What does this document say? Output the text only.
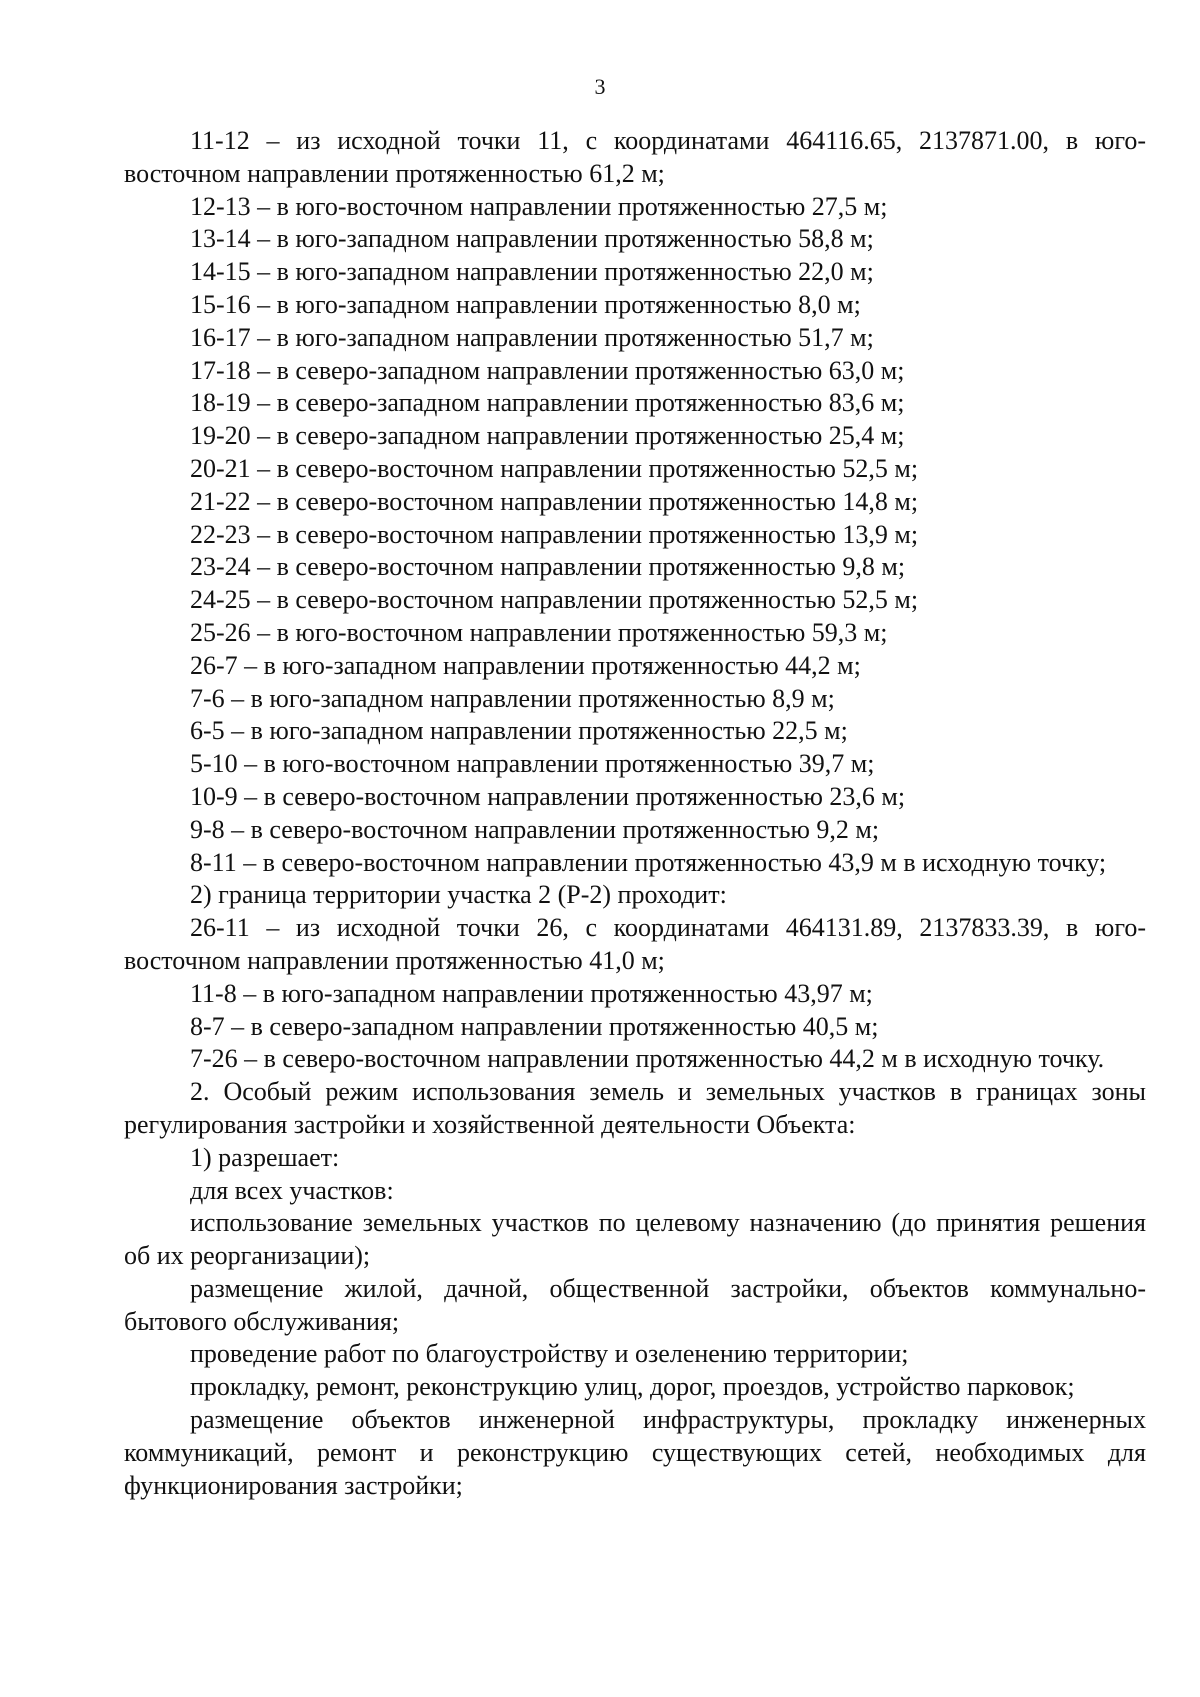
3

11-12 – из исходной точки 11, с координатами 464116.65, 2137871.00, в юго-восточном направлении протяженностью 61,2 м;

12-13 – в юго-восточном направлении протяженностью 27,5 м;

13-14 – в юго-западном направлении протяженностью 58,8 м;

14-15 – в юго-западном направлении протяженностью 22,0 м;

15-16 – в юго-западном направлении протяженностью 8,0 м;

16-17 – в юго-западном направлении протяженностью 51,7 м;

17-18 – в северо-западном направлении протяженностью 63,0 м;

18-19 – в северо-западном направлении протяженностью 83,6 м;

19-20 – в северо-западном направлении протяженностью 25,4 м;

20-21 – в северо-восточном направлении протяженностью 52,5 м;

21-22 – в северо-восточном направлении протяженностью 14,8 м;

22-23 – в северо-восточном направлении протяженностью 13,9 м;

23-24 – в северо-восточном направлении протяженностью 9,8 м;

24-25 – в северо-восточном направлении протяженностью 52,5 м;

25-26 – в юго-восточном направлении протяженностью 59,3 м;

26-7 – в юго-западном направлении протяженностью 44,2 м;

7-6 – в юго-западном направлении протяженностью 8,9 м;

6-5 – в юго-западном направлении протяженностью 22,5 м;

5-10 – в юго-восточном направлении протяженностью 39,7 м;

10-9 – в северо-восточном направлении протяженностью 23,6 м;

9-8 – в северо-восточном направлении протяженностью 9,2 м;

8-11 – в северо-восточном направлении протяженностью 43,9 м в исходную точку;

2) граница территории участка 2 (Р-2) проходит:

26-11 – из исходной точки 26, с координатами 464131.89, 2137833.39, в юго-восточном направлении протяженностью 41,0 м;

11-8 – в юго-западном направлении протяженностью 43,97 м;

8-7 – в северо-западном направлении протяженностью 40,5 м;

7-26 – в северо-восточном направлении протяженностью 44,2 м в исходную точку.

2. Особый режим использования земель и земельных участков в границах зоны регулирования застройки и хозяйственной деятельности Объекта:

1) разрешает:

для всех участков:

использование земельных участков по целевому назначению (до принятия решения об их реорганизации);

размещение жилой, дачной, общественной застройки, объектов коммунально-бытового обслуживания;

проведение работ по благоустройству и озеленению территории;

прокладку, ремонт, реконструкцию улиц, дорог, проездов, устройство парковок;

размещение объектов инженерной инфраструктуры, прокладку инженерных коммуникаций, ремонт и реконструкцию существующих сетей, необходимых для функционирования застройки;
